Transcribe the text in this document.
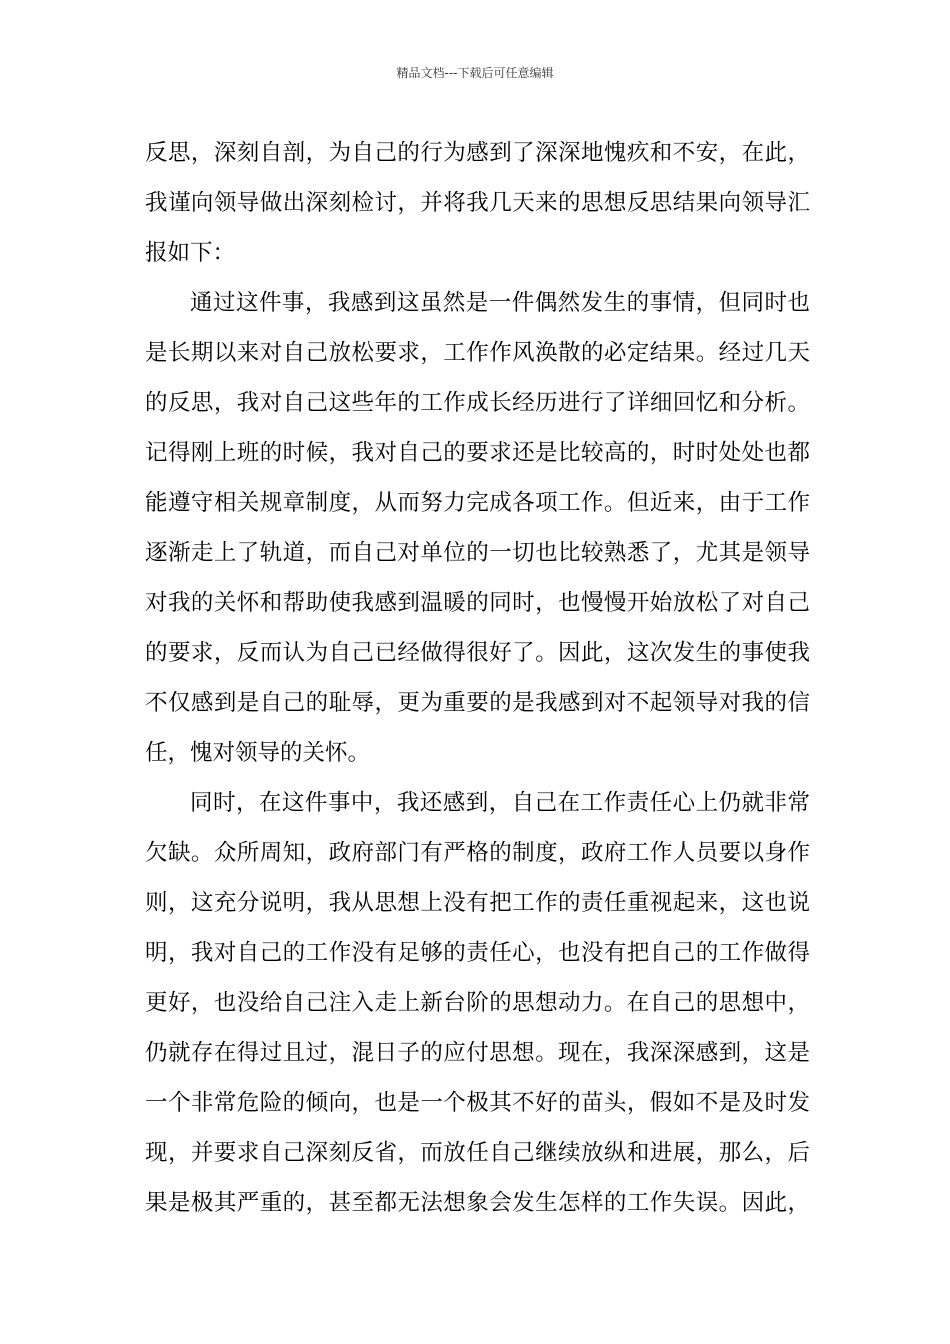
精品文档---下载后可任意编辑
反思，深刻自剖，为自己的行为感到了深深地愧疚和不安，在此，
我谨向领导做出深刻检讨，并将我几天来的思想反思结果向领导汇
报如下：
通过这件事，我感到这虽然是一件偶然发生的事情，但同时也
是长期以来对自己放松要求，工作作风涣散的必定结果。经过几天
的反思，我对自己这些年的工作成长经历进行了详细回忆和分析。
记得刚上班的时候，我对自己的要求还是比较高的，时时处处也都
能遵守相关规章制度，从而努力完成各项工作。但近来，由于工作
逐渐走上了轨道，而自己对单位的一切也比较熟悉了，尤其是领导
对我的关怀和帮助使我感到温暖的同时，也慢慢开始放松了对自己
的要求，反而认为自己已经做得很好了。因此，这次发生的事使我
不仅感到是自己的耻辱，更为重要的是我感到对不起领导对我的信
任，愧对领导的关怀。
同时，在这件事中，我还感到，自己在工作责任心上仍就非常
欠缺。众所周知，政府部门有严格的制度，政府工作人员要以身作
则，这充分说明，我从思想上没有把工作的责任重视起来，这也说
明，我对自己的工作没有足够的责任心，也没有把自己的工作做得
更好，也没给自己注入走上新台阶的思想动力。在自己的思想中，
仍就存在得过且过，混日子的应付思想。现在，我深深感到，这是
一个非常危险的倾向，也是一个极其不好的苗头，假如不是及时发
现，并要求自己深刻反省，而放任自己继续放纵和进展，那么，后
果是极其严重的，甚至都无法想象会发生怎样的工作失误。因此，
